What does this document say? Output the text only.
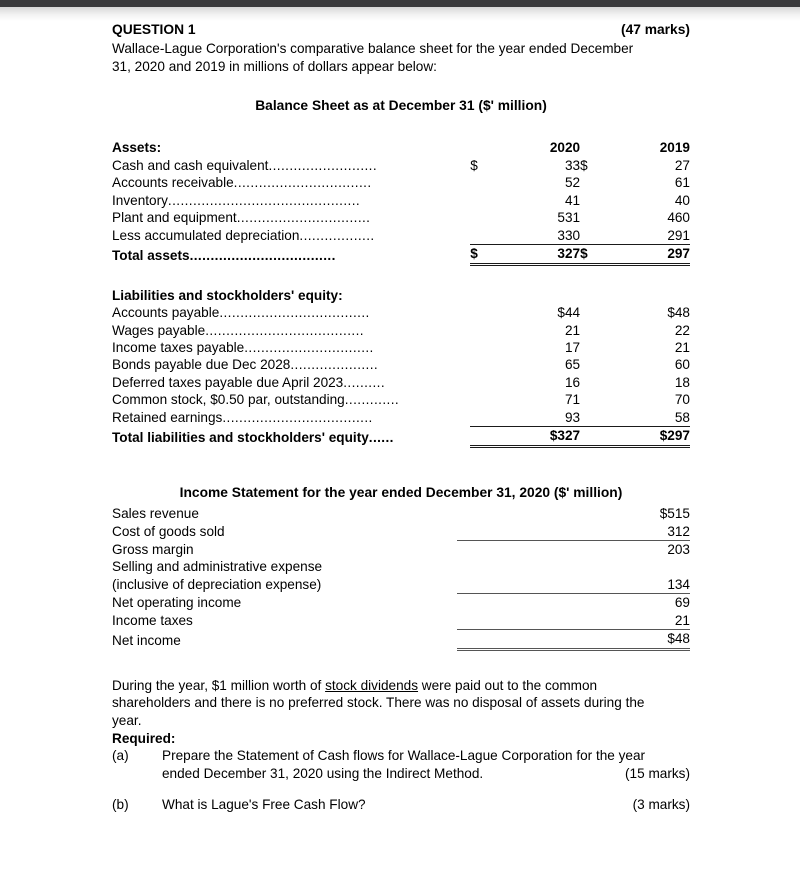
QUESTION 1	(47 marks)
Wallace-Lague Corporation's comparative balance sheet for the year ended December
31, 2020 and 2019 in millions of dollars appear below:
Balance Sheet as at December 31 ($' million)
Assets:		2020		2019
Cash and cash equivalent..........................	$	33	$	27
Accounts receivable.................................		52		61
Inventory..............................................		41		40
Plant and equipment................................		531		460
Less accumulated depreciation..................		330		291
Total assets...................................	$	327	$	297

Liabilities and stockholders' equity:				
Accounts payable....................................		$44		$48
Wages payable......................................		21		22
Income taxes payable...............................		17		21
Bonds payable due Dec 2028.....................		65		60
Deferred taxes payable due April 2023..........		16		18
Common stock, $0.50 par, outstanding.............		71		70
Retained earnings....................................		93		58
Total liabilities and stockholders' equity......		$327		$297
Income Statement for the year ended December 31, 2020 ($' million)
Sales revenue	$515
Cost of goods sold	312
Gross margin	203
Selling and administrative expense	
(inclusive of depreciation expense)	134
Net operating income	69
Income taxes	21
Net income	$48
During the year, $1 million worth of stock dividends were paid out to the common
shareholders and there is no preferred stock. There was no disposal of assets during the
year.
Required:
(a)	Prepare the Statement of Cash flows for Wallace-Lague Corporation for the year
(15 marks)
ended December 31, 2020 using the Indirect Method.

(b)	(3 marks)
What is Lague's Free Cash Flow?
